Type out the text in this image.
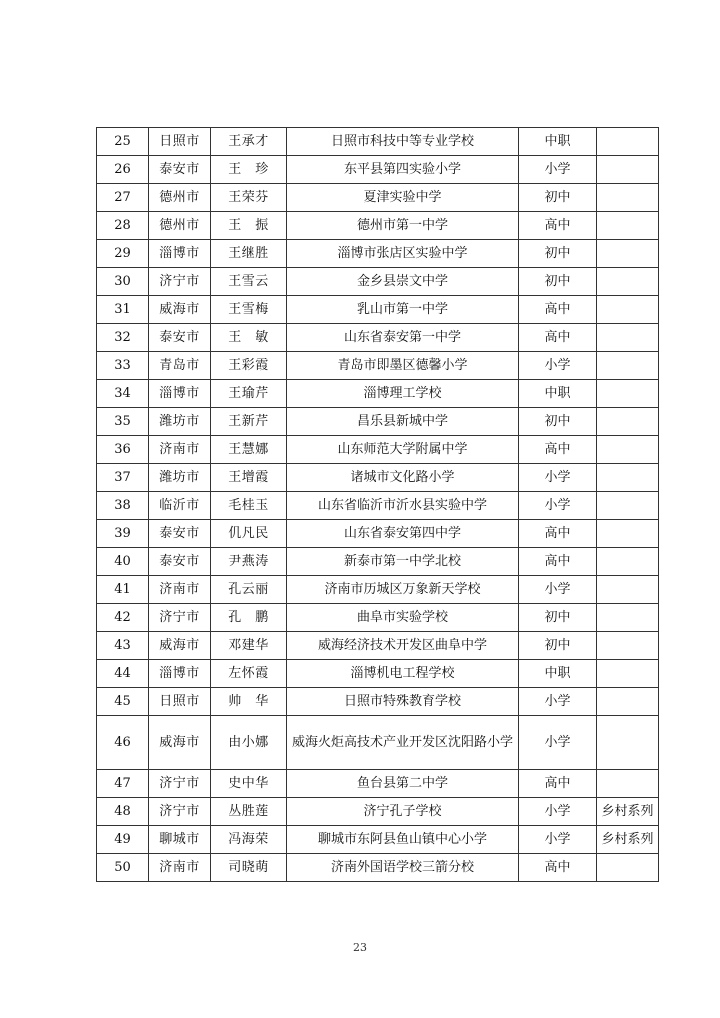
25	日照市	王承才	日照市科技中等专业学校	中职	
26	泰安市	王　珍	东平县第四实验小学	小学	
27	德州市	王荣芬	夏津实验中学	初中	
28	德州市	王　振	德州市第一中学	高中	
29	淄博市	王继胜	淄博市张店区实验中学	初中	
30	济宁市	王雪云	金乡县崇文中学	初中	
31	威海市	王雪梅	乳山市第一中学	高中	
32	泰安市	王　敏	山东省泰安第一中学	高中	
33	青岛市	王彩霞	青岛市即墨区德馨小学	小学	
34	淄博市	王瑜芹	淄博理工学校	中职	
35	潍坊市	王新芹	昌乐县新城中学	初中	
36	济南市	王慧娜	山东师范大学附属中学	高中	
37	潍坊市	王增霞	诸城市文化路小学	小学	
38	临沂市	毛桂玉	山东省临沂市沂水县实验中学	小学	
39	泰安市	仉凡民	山东省泰安第四中学	高中	
40	泰安市	尹燕涛	新泰市第一中学北校	高中	
41	济南市	孔云丽	济南市历城区万象新天学校	小学	
42	济宁市	孔　鹏	曲阜市实验学校	初中	
43	威海市	邓建华	威海经济技术开发区曲阜中学	初中	
44	淄博市	左怀霞	淄博机电工程学校	中职	
45	日照市	帅　华	日照市特殊教育学校	小学	
46	威海市	由小娜	威海火炬高技术产业开发区沈阳路小学	小学	
47	济宁市	史中华	鱼台县第二中学	高中	
48	济宁市	丛胜莲	济宁孔子学校	小学	乡村系列
49	聊城市	冯海荣	聊城市东阿县鱼山镇中心小学	小学	乡村系列
50	济南市	司晓萌	济南外国语学校三箭分校	高中	
23
